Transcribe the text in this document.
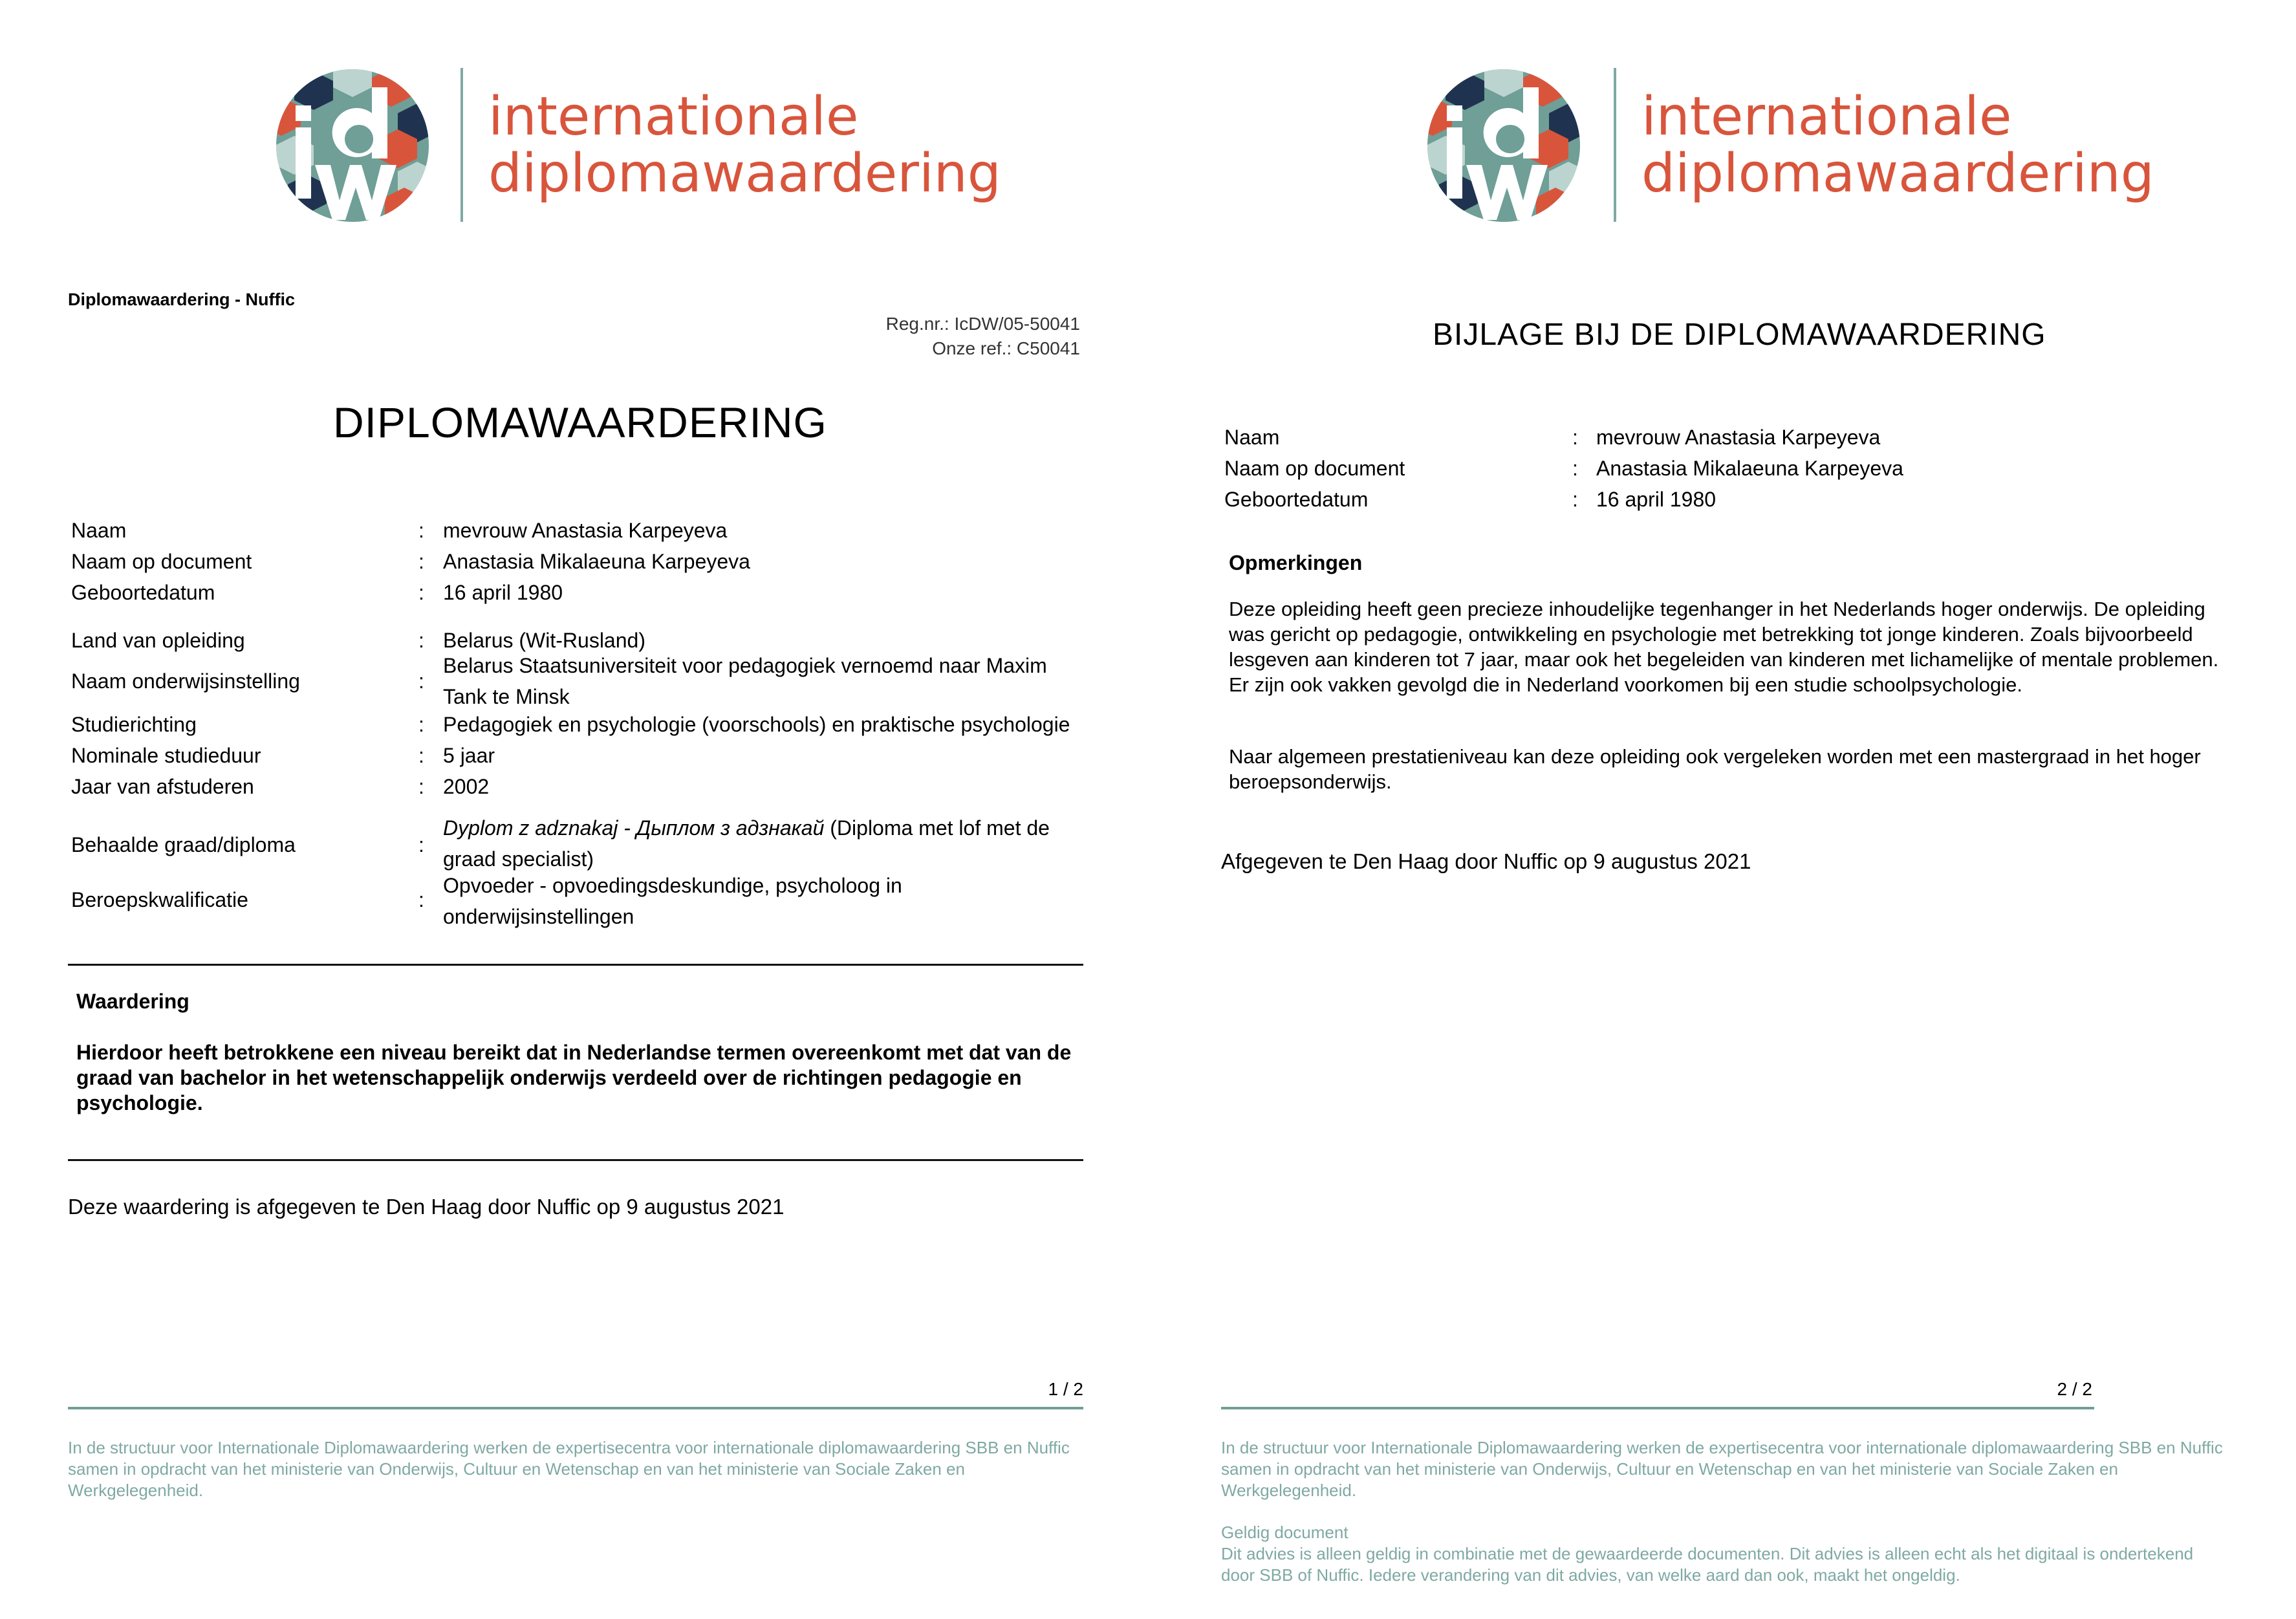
internationale
diplomawaardering
Diplomawaardering - Nuffic
Reg.nr.: IcDW/05-50041
Onze ref.: C50041
DIPLOMAWAARDERING
Naam	: mevrouw Anastasia Karpeyeva
Naam op document	: Anastasia Mikalaeuna Karpeyeva
Geboortedatum	: 16 april 1980
Land van opleiding	: Belarus (Wit-Rusland)
Naam onderwijsinstelling	:
Belarus Staatsuniversiteit voor pedagogiek vernoemd naar Maxim Tank te Minsk
Studierichting	: Pedagogiek en psychologie (voorschools) en praktische psychologie
Nominale studieduur	: 5 jaar
Jaar van afstuderen	: 2002
Behaalde graad/diploma	:
Dyplom z adznakaj - Дыплом з адзнакай (Diploma met lof met de graad specialist)
Beroepskwalificatie	:
Opvoeder - opvoedingsdeskundige, psycholoog in onderwijsinstellingen
Waardering
Hierdoor heeft betrokkene een niveau bereikt dat in Nederlandse termen overeenkomt met dat van de graad van bachelor in het wetenschappelijk onderwijs verdeeld over de richtingen pedagogie en psychologie.
Deze waardering is afgegeven te Den Haag door Nuffic op 9 augustus 2021
1 / 2
In de structuur voor Internationale Diplomawaardering werken de expertisecentra voor internationale diplomawaardering SBB en Nuffic samen in opdracht van het ministerie van Onderwijs, Cultuur en Wetenschap en van het ministerie van Sociale Zaken en Werkgelegenheid.
internationale
diplomawaardering
BIJLAGE BIJ DE DIPLOMAWAARDERING
Naam	: mevrouw Anastasia Karpeyeva
Naam op document	: Anastasia Mikalaeuna Karpeyeva
Geboortedatum	: 16 april 1980
Opmerkingen
Deze opleiding heeft geen precieze inhoudelijke tegenhanger in het Nederlands hoger onderwijs. De opleiding was gericht op pedagogie, ontwikkeling en psychologie met betrekking tot jonge kinderen. Zoals bijvoorbeeld lesgeven aan kinderen tot 7 jaar, maar ook het begeleiden van kinderen met lichamelijke of mentale problemen. Er zijn ook vakken gevolgd die in Nederland voorkomen bij een studie schoolpsychologie.
Naar algemeen prestatieniveau kan deze opleiding ook vergeleken worden met een mastergraad in het hoger beroepsonderwijs.
Afgegeven te Den Haag door Nuffic op 9 augustus 2021
2 / 2
In de structuur voor Internationale Diplomawaardering werken de expertisecentra voor internationale diplomawaardering SBB en Nuffic samen in opdracht van het ministerie van Onderwijs, Cultuur en Wetenschap en van het ministerie van Sociale Zaken en Werkgelegenheid.
Geldig document
Dit advies is alleen geldig in combinatie met de gewaardeerde documenten. Dit advies is alleen echt als het digitaal is ondertekend door SBB of Nuffic. Iedere verandering van dit advies, van welke aard dan ook, maakt het ongeldig.
